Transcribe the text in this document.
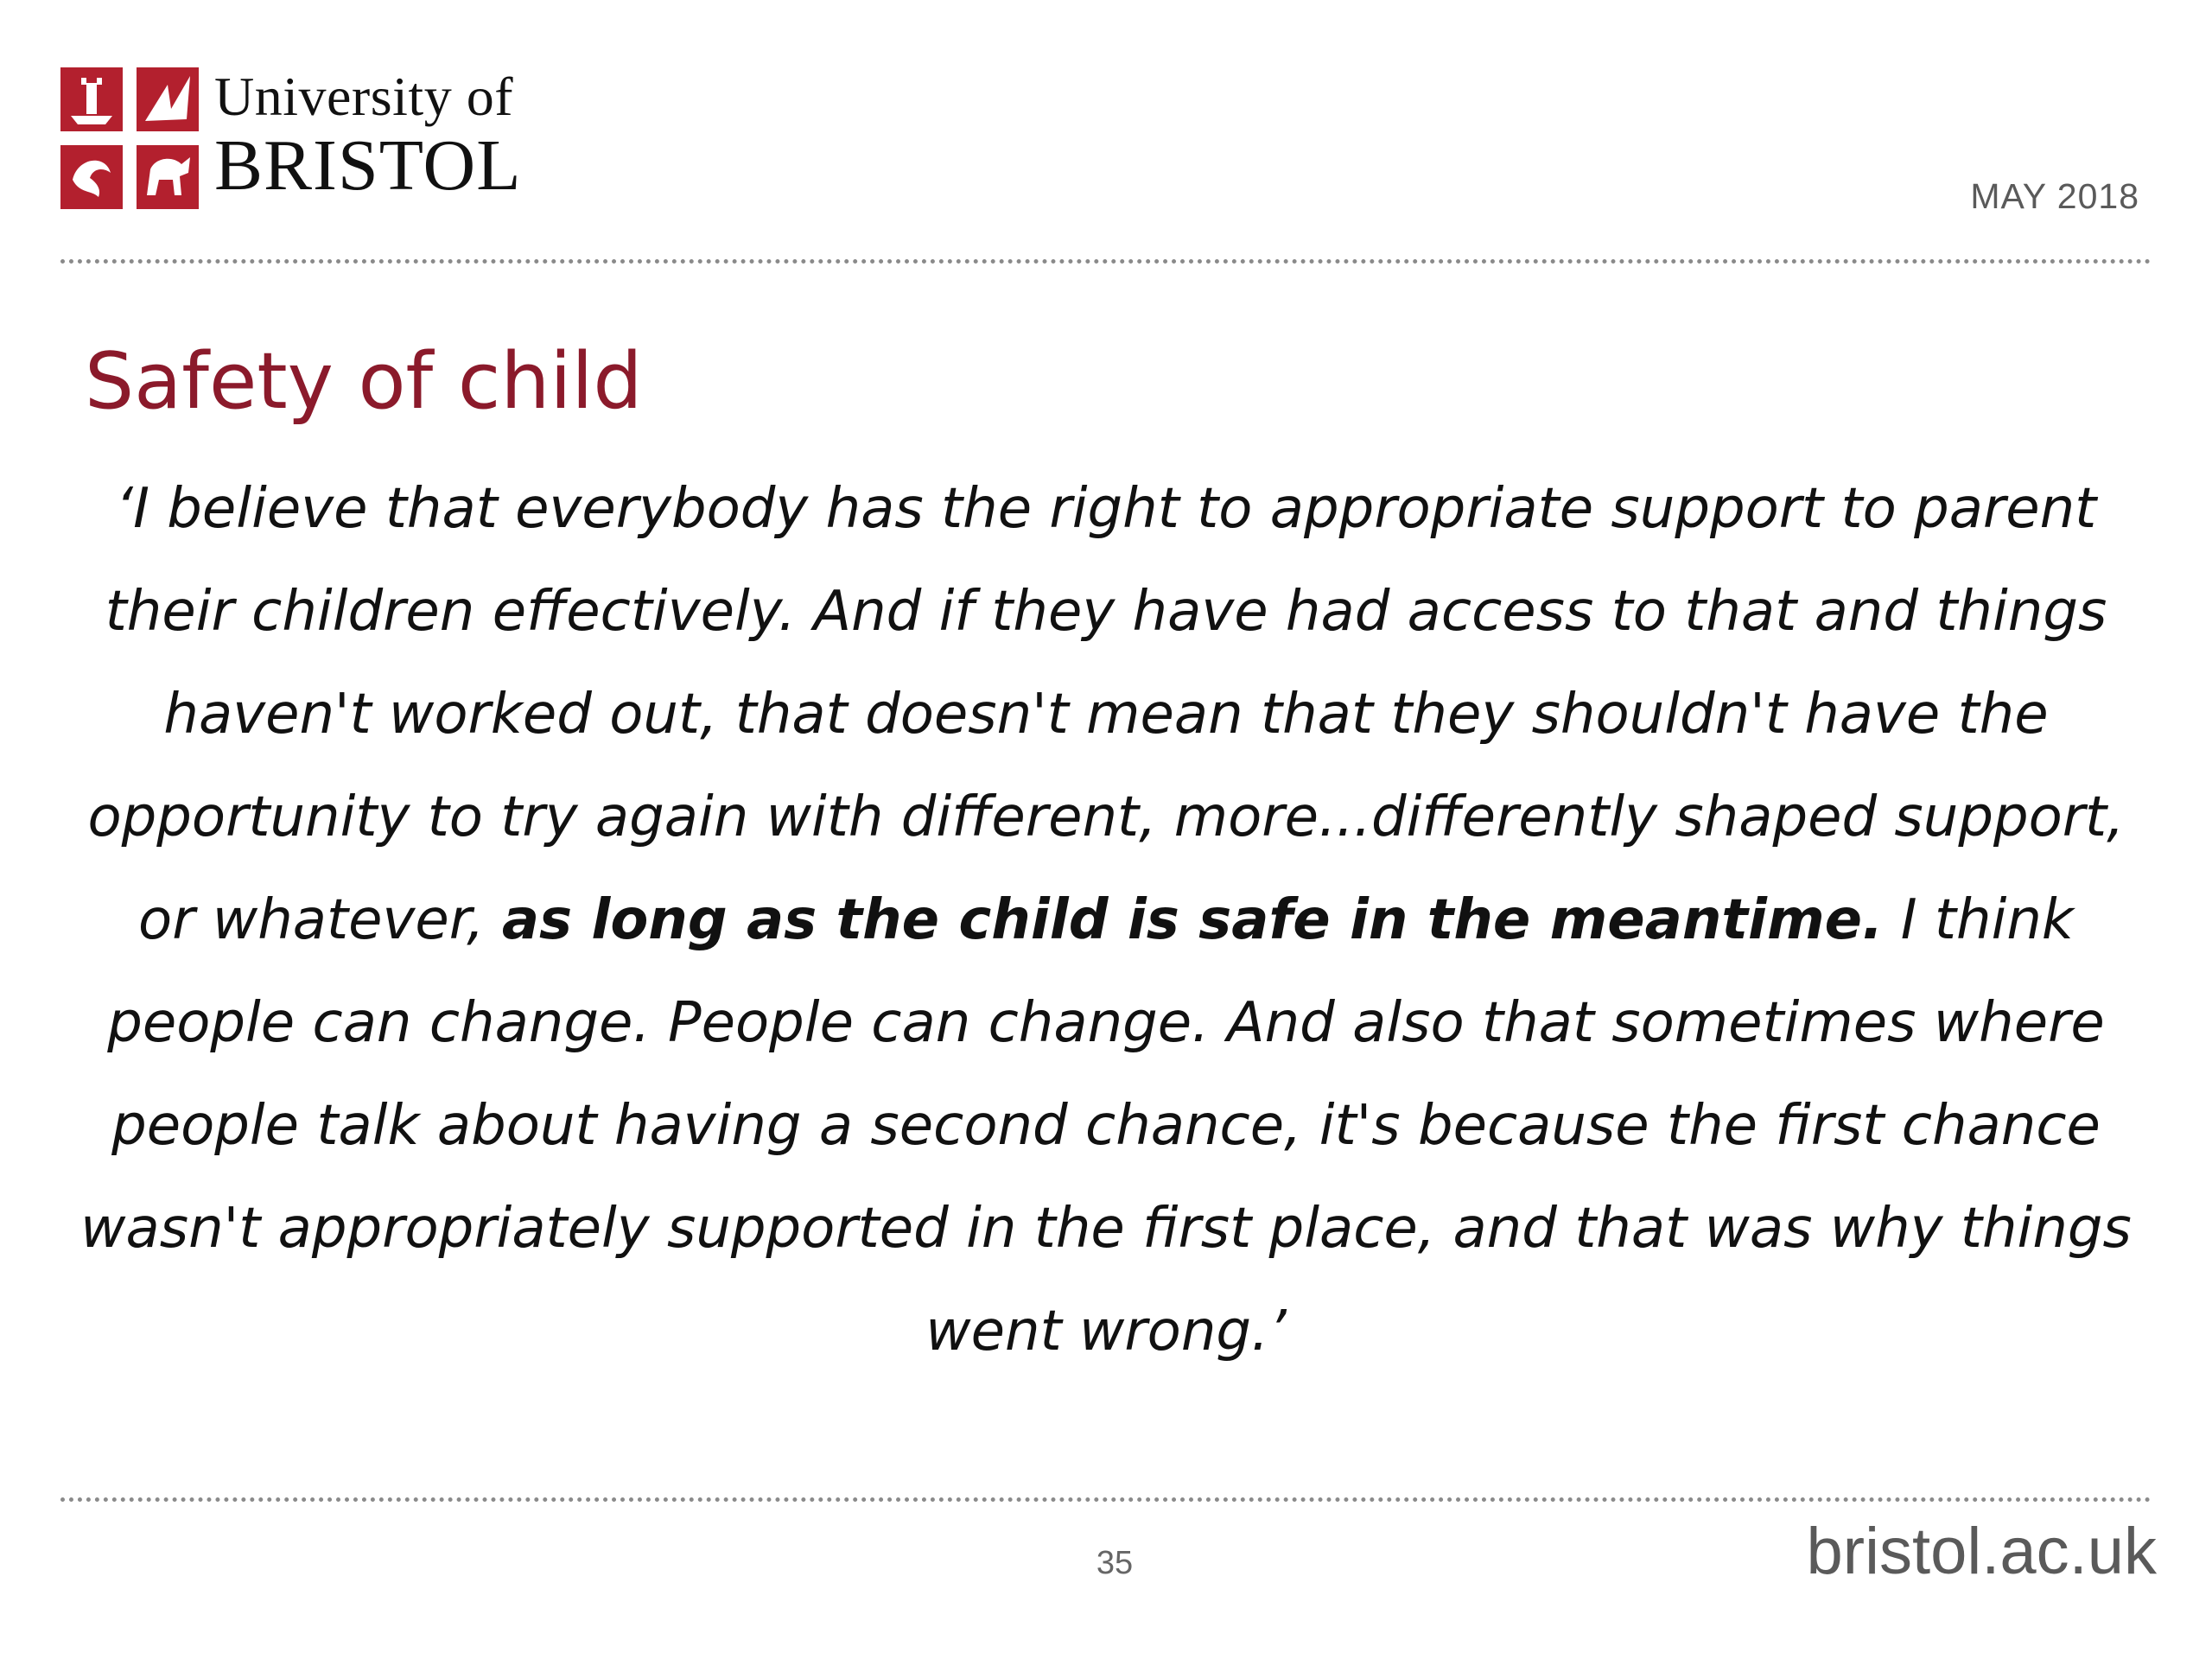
University of
BRISTOL	MAY 2018
Safety of child

‘I believe that everybody has the right to appropriate support to parent their children effectively. And if they have had access to that and things haven't worked out, that doesn't mean that they shouldn't have the opportunity to try again with different, more...differently shaped support, or whatever, as long as the child is safe in the meantime. I think people can change. People can change. And also that sometimes where people talk about having a second chance, it's because the first chance wasn't appropriately supported in the first place, and that was why things went wrong.’

35	bristol.ac.uk
